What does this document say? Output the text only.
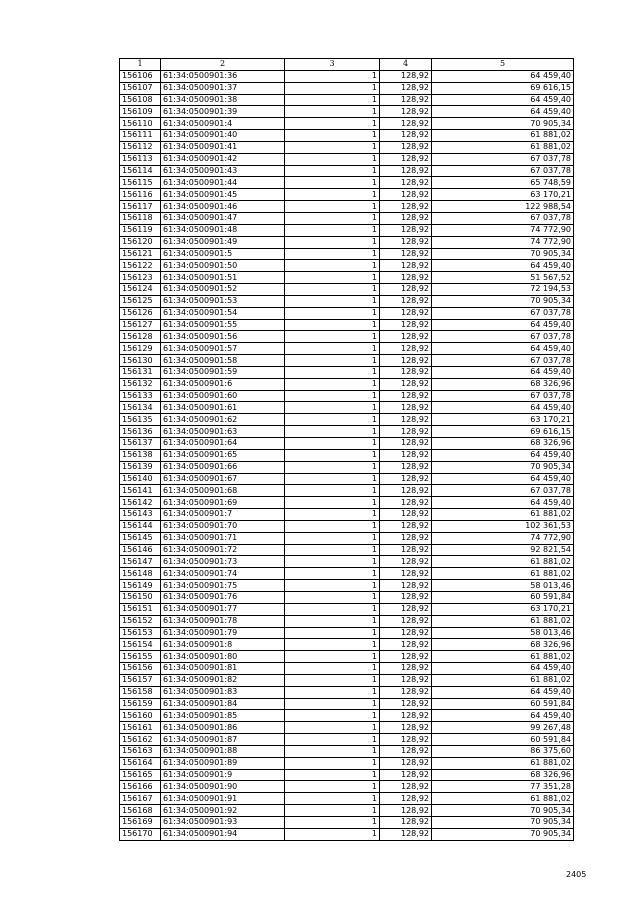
1	2	3	4	5
156106	61:34:0500901:36	1	128,92	64 459,40
156107	61:34:0500901:37	1	128,92	69 616,15
156108	61:34:0500901:38	1	128,92	64 459,40
156109	61:34:0500901:39	1	128,92	64 459,40
156110	61:34:0500901:4	1	128,92	70 905,34
156111	61:34:0500901:40	1	128,92	61 881,02
156112	61:34:0500901:41	1	128,92	61 881,02
156113	61:34:0500901:42	1	128,92	67 037,78
156114	61:34:0500901:43	1	128,92	67 037,78
156115	61:34:0500901:44	1	128,92	65 748,59
156116	61:34:0500901:45	1	128,92	63 170,21
156117	61:34:0500901:46	1	128,92	122 988,54
156118	61:34:0500901:47	1	128,92	67 037,78
156119	61:34:0500901:48	1	128,92	74 772,90
156120	61:34:0500901:49	1	128,92	74 772,90
156121	61:34:0500901:5	1	128,92	70 905,34
156122	61:34:0500901:50	1	128,92	64 459,40
156123	61:34:0500901:51	1	128,92	51 567,52
156124	61:34:0500901:52	1	128,92	72 194,53
156125	61:34:0500901:53	1	128,92	70 905,34
156126	61:34:0500901:54	1	128,92	67 037,78
156127	61:34:0500901:55	1	128,92	64 459,40
156128	61:34:0500901:56	1	128,92	67 037,78
156129	61:34:0500901:57	1	128,92	64 459,40
156130	61:34:0500901:58	1	128,92	67 037,78
156131	61:34:0500901:59	1	128,92	64 459,40
156132	61:34:0500901:6	1	128,92	68 326,96
156133	61:34:0500901:60	1	128,92	67 037,78
156134	61:34:0500901:61	1	128,92	64 459,40
156135	61:34:0500901:62	1	128,92	63 170,21
156136	61:34:0500901:63	1	128,92	69 616,15
156137	61:34:0500901:64	1	128,92	68 326,96
156138	61:34:0500901:65	1	128,92	64 459,40
156139	61:34:0500901:66	1	128,92	70 905,34
156140	61:34:0500901:67	1	128,92	64 459,40
156141	61:34:0500901:68	1	128,92	67 037,78
156142	61:34:0500901:69	1	128,92	64 459,40
156143	61:34:0500901:7	1	128,92	61 881,02
156144	61:34:0500901:70	1	128,92	102 361,53
156145	61:34:0500901:71	1	128,92	74 772,90
156146	61:34:0500901:72	1	128,92	92 821,54
156147	61:34:0500901:73	1	128,92	61 881,02
156148	61:34:0500901:74	1	128,92	61 881,02
156149	61:34:0500901:75	1	128,92	58 013,46
156150	61:34:0500901:76	1	128,92	60 591,84
156151	61:34:0500901:77	1	128,92	63 170,21
156152	61:34:0500901:78	1	128,92	61 881,02
156153	61:34:0500901:79	1	128,92	58 013,46
156154	61:34:0500901:8	1	128,92	68 326,96
156155	61:34:0500901:80	1	128,92	61 881,02
156156	61:34:0500901:81	1	128,92	64 459,40
156157	61:34:0500901:82	1	128,92	61 881,02
156158	61:34:0500901:83	1	128,92	64 459,40
156159	61:34:0500901:84	1	128,92	60 591,84
156160	61:34:0500901:85	1	128,92	64 459,40
156161	61:34:0500901:86	1	128,92	99 267,48
156162	61:34:0500901:87	1	128,92	60 591,84
156163	61:34:0500901:88	1	128,92	86 375,60
156164	61:34:0500901:89	1	128,92	61 881,02
156165	61:34:0500901:9	1	128,92	68 326,96
156166	61:34:0500901:90	1	128,92	77 351,28
156167	61:34:0500901:91	1	128,92	61 881,02
156168	61:34:0500901:92	1	128,92	70 905,34
156169	61:34:0500901:93	1	128,92	70 905,34
156170	61:34:0500901:94	1	128,92	70 905,34
2405
